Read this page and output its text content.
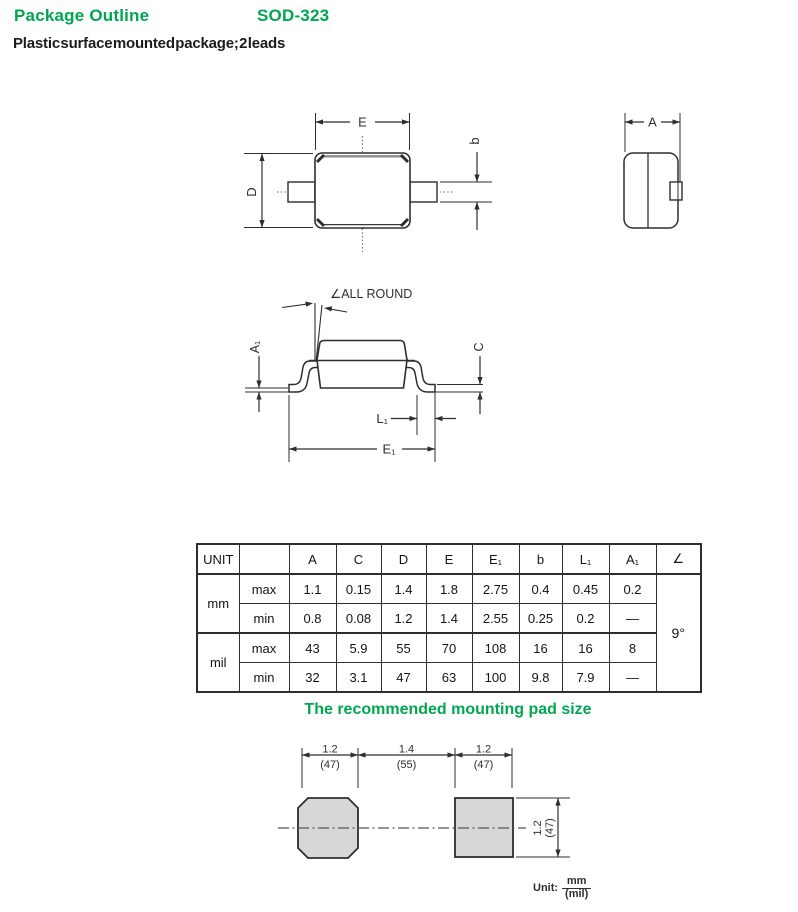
Package Outline	SOD-323
Plastic surface mounted package; 2 leads
E
D
b
A
∠ALL ROUND
A₁	C
L₁
E₁
UNIT		A	C	D	E	E₁	b	L₁	A₁	∠
mm	max	1.1	0.15	1.4	1.8	2.75	0.4	0.45	0.2	9°
	min	0.8	0.08	1.2	1.4	2.55	0.25	0.2	—	
mil	max	43	5.9	55	70	108	16	16	8	
	min	32	3.1	47	63	100	9.8	7.9	—	
The recommended mounting pad size
1.2
(47)
1.4
(55)
1.2
(47)
1.2 (47)
Unit: $\frac{mm}{\text{(mil)}}$
